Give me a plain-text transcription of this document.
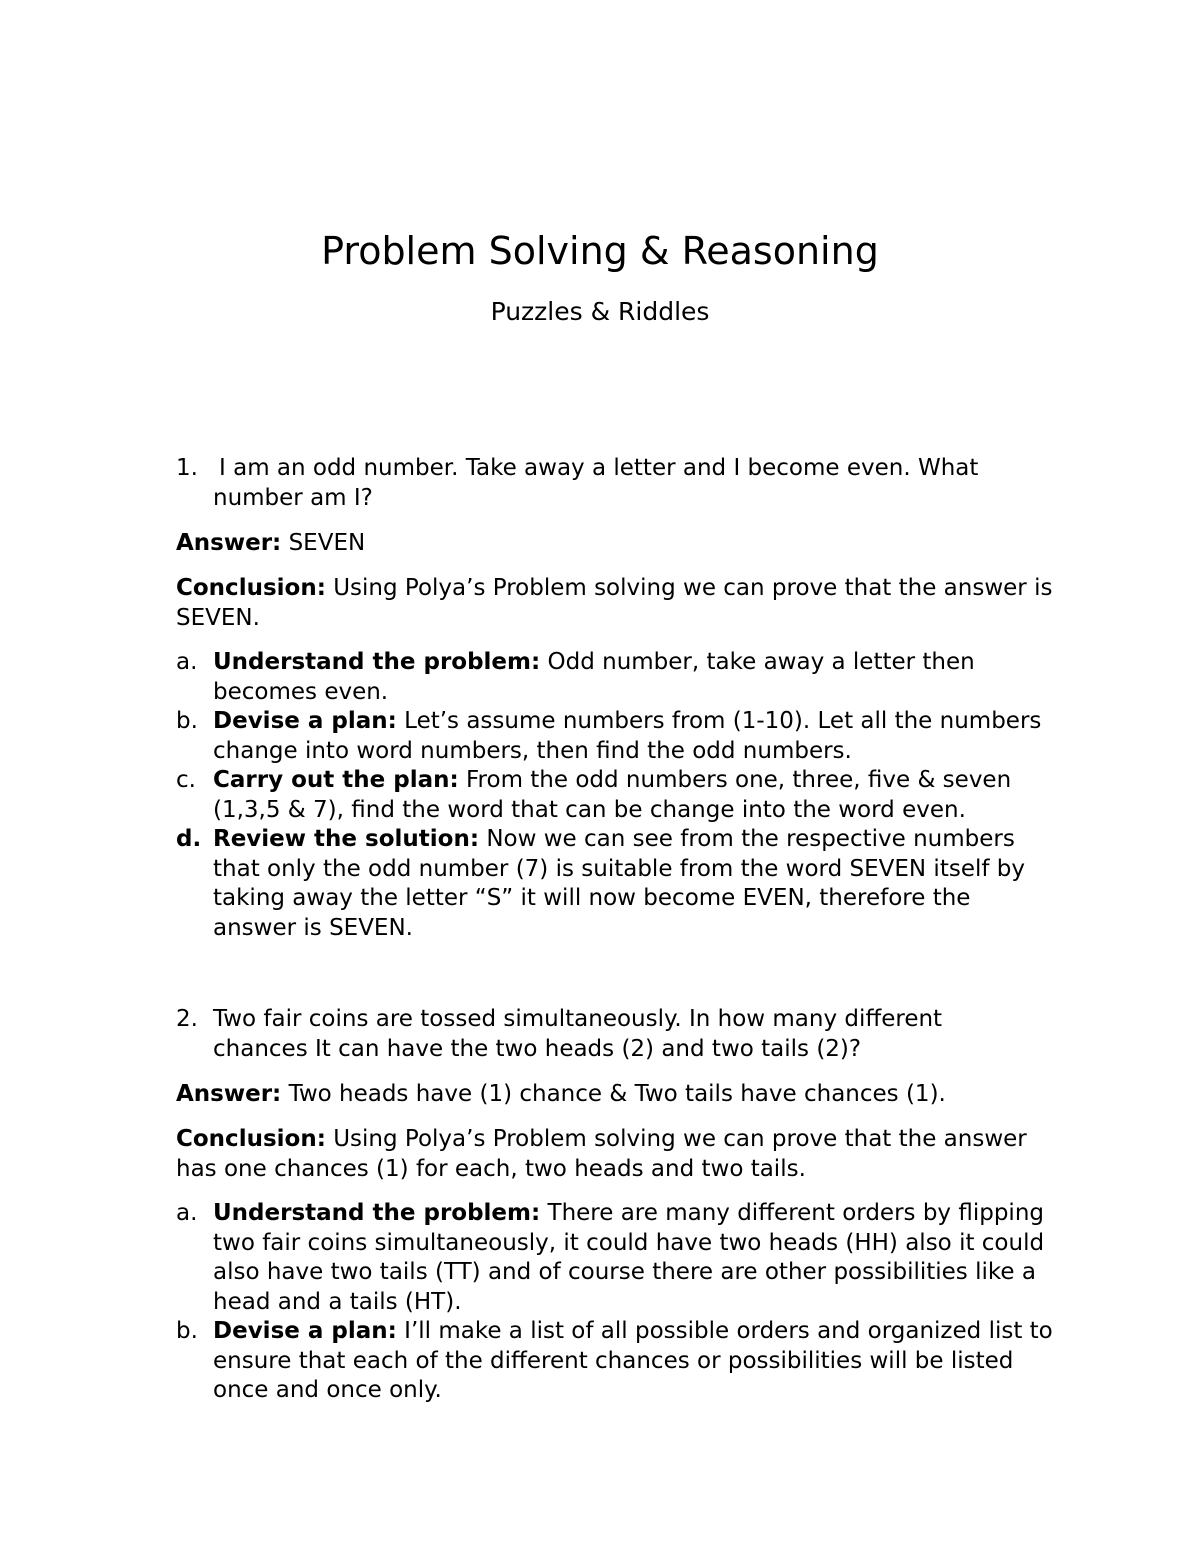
Problem Solving & Reasoning
Puzzles & Riddles
1. I am an odd number. Take away a letter and I become even. What number am I?
Answer: SEVEN
Conclusion: Using Polya’s Problem solving we can prove that the answer is SEVEN.
a. Understand the problem: Odd number, take away a letter then becomes even.
b. Devise a plan: Let’s assume numbers from (1-10). Let all the numbers change into word numbers, then find the odd numbers.
c. Carry out the plan: From the odd numbers one, three, five & seven (1,3,5 & 7), find the word that can be change into the word even.
d. Review the solution: Now we can see from the respective numbers that only the odd number (7) is suitable from the word SEVEN itself by taking away the letter “S” it will now become EVEN, therefore the answer is SEVEN.
2. Two fair coins are tossed simultaneously. In how many different chances It can have the two heads (2) and two tails (2)?
Answer: Two heads have (1) chance & Two tails have chances (1).
Conclusion: Using Polya’s Problem solving we can prove that the answer has one chances (1) for each, two heads and two tails.
a. Understand the problem: There are many different orders by flipping two fair coins simultaneously, it could have two heads (HH) also it could also have two tails (TT) and of course there are other possibilities like a head and a tails (HT).
b. Devise a plan: I’ll make a list of all possible orders and organized list to ensure that each of the different chances or possibilities will be listed once and once only.
